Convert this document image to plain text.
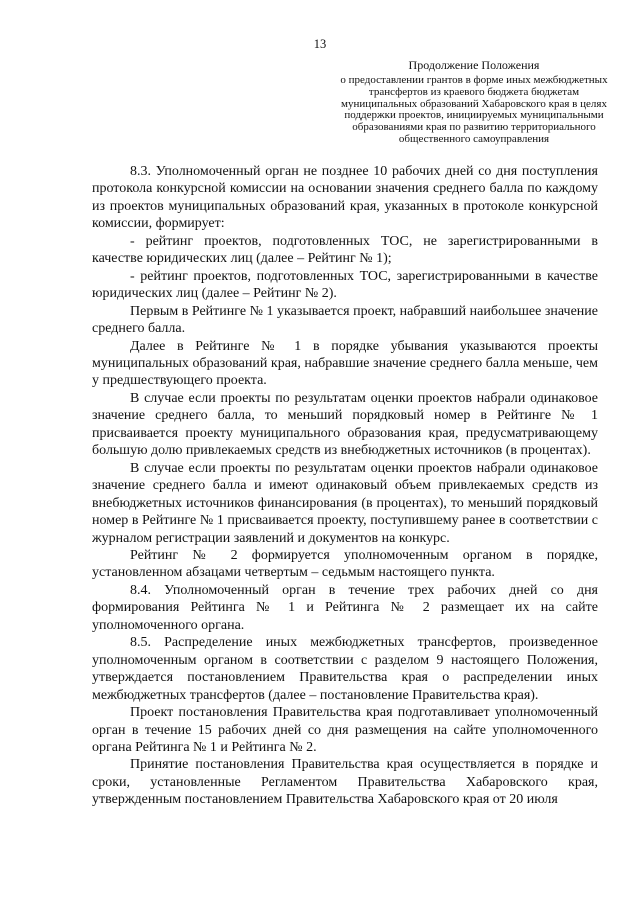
13
Продолжение Положения
о предоставлении грантов в форме иных межбюджетных трансфертов из краевого бюджета бюджетам муниципальных образований Хабаровского края в целях поддержки проектов, инициируемых муниципальными образованиями края по развитию территориального общественного самоуправления

8.3. Уполномоченный орган не позднее 10 рабочих дней со дня поступления протокола конкурсной комиссии на основании значения среднего балла по каждому из проектов муниципальных образований края, указанных в протоколе конкурсной комиссии, формирует:

- рейтинг проектов, подготовленных ТОС, не зарегистрированными в качестве юридических лиц (далее – Рейтинг № 1);

- рейтинг проектов, подготовленных ТОС, зарегистрированными в качестве юридических лиц (далее – Рейтинг № 2).

Первым в Рейтинге № 1 указывается проект, набравший наибольшее значение среднего балла.

Далее в Рейтинге № 1 в порядке убывания указываются проекты муниципальных образований края, набравшие значение среднего балла меньше, чем у предшествующего проекта.

В случае если проекты по результатам оценки проектов набрали одинаковое значение среднего балла, то меньший порядковый номер в Рейтинге № 1 присваивается проекту муниципального образования края, предусматривающему большую долю привлекаемых средств из внебюджетных источников (в процентах).

В случае если проекты по результатам оценки проектов набрали одинаковое значение среднего балла и имеют одинаковый объем привлекаемых средств из внебюджетных источников финансирования (в процентах), то меньший порядковый номер в Рейтинге № 1 присваивается проекту, поступившему ранее в соответствии с журналом регистрации заявлений и документов на конкурс.

Рейтинг № 2 формируется уполномоченным органом в порядке, установленном абзацами четвертым – седьмым настоящего пункта.

8.4. Уполномоченный орган в течение трех рабочих дней со дня формирования Рейтинга № 1 и Рейтинга № 2 размещает их на сайте уполномоченного органа.

8.5. Распределение иных межбюджетных трансфертов, произведенное уполномоченным органом в соответствии с разделом 9 настоящего Положения, утверждается постановлением Правительства края о распределении иных межбюджетных трансфертов (далее – постановление Правительства края).

Проект постановления Правительства края подготавливает уполномоченный орган в течение 15 рабочих дней со дня размещения на сайте уполномоченного органа Рейтинга № 1 и Рейтинга № 2.

Принятие постановления Правительства края осуществляется в порядке и сроки, установленные Регламентом Правительства Хабаровского края, утвержденным постановлением Правительства Хабаровского края от 20 июля
